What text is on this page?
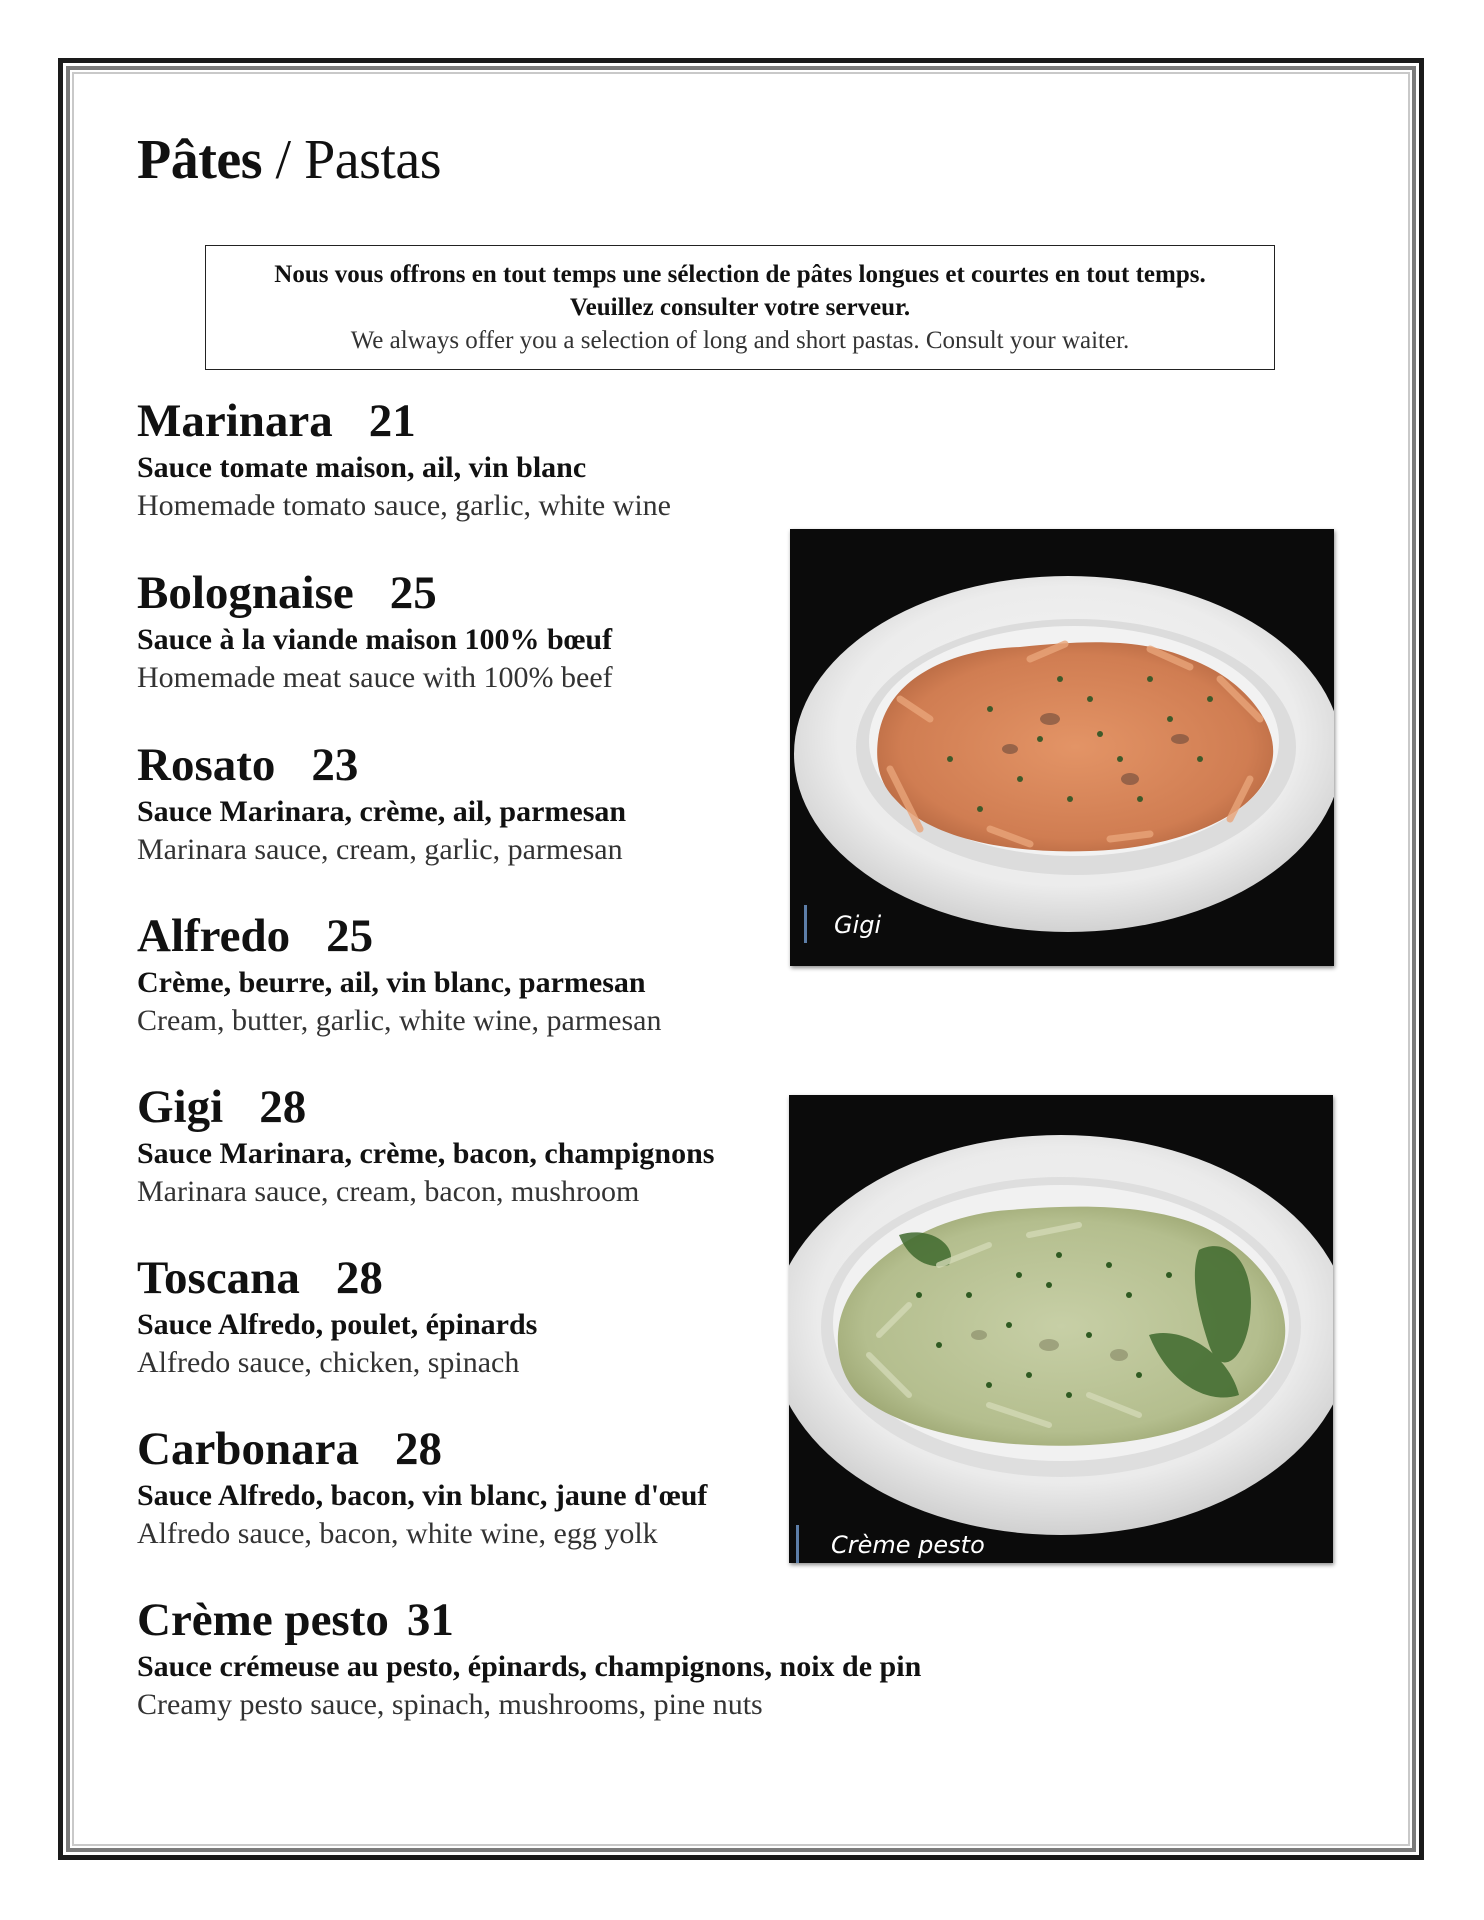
Pâtes / Pastas
Nous vous offrons en tout temps une sélection de pâtes longues et courtes en tout temps.
Veuillez consulter votre serveur.
We always offer you a selection of long and short pastas. Consult your waiter.
Marinara 21
Sauce tomate maison, ail, vin blanc
Homemade tomato sauce, garlic, white wine
Bolognaise 25
Sauce à la viande maison 100% bœuf
Homemade meat sauce with 100% beef
Rosato 23
Sauce Marinara, crème, ail, parmesan
Marinara sauce, cream, garlic, parmesan
Alfredo 25
Crème, beurre, ail, vin blanc, parmesan
Cream, butter, garlic, white wine, parmesan
Gigi 28
Sauce Marinara, crème, bacon, champignons
Marinara sauce, cream, bacon, mushroom
Toscana 28
Sauce Alfredo, poulet, épinards
Alfredo sauce, chicken, spinach
Carbonara 28
Sauce Alfredo, bacon, vin blanc, jaune d'œuf
Alfredo sauce, bacon, white wine, egg yolk
Crème pesto 31
Sauce crémeuse au pesto, épinards, champignons, noix de pin
Creamy pesto sauce, spinach, mushrooms, pine nuts
Gigi
Crème pesto
